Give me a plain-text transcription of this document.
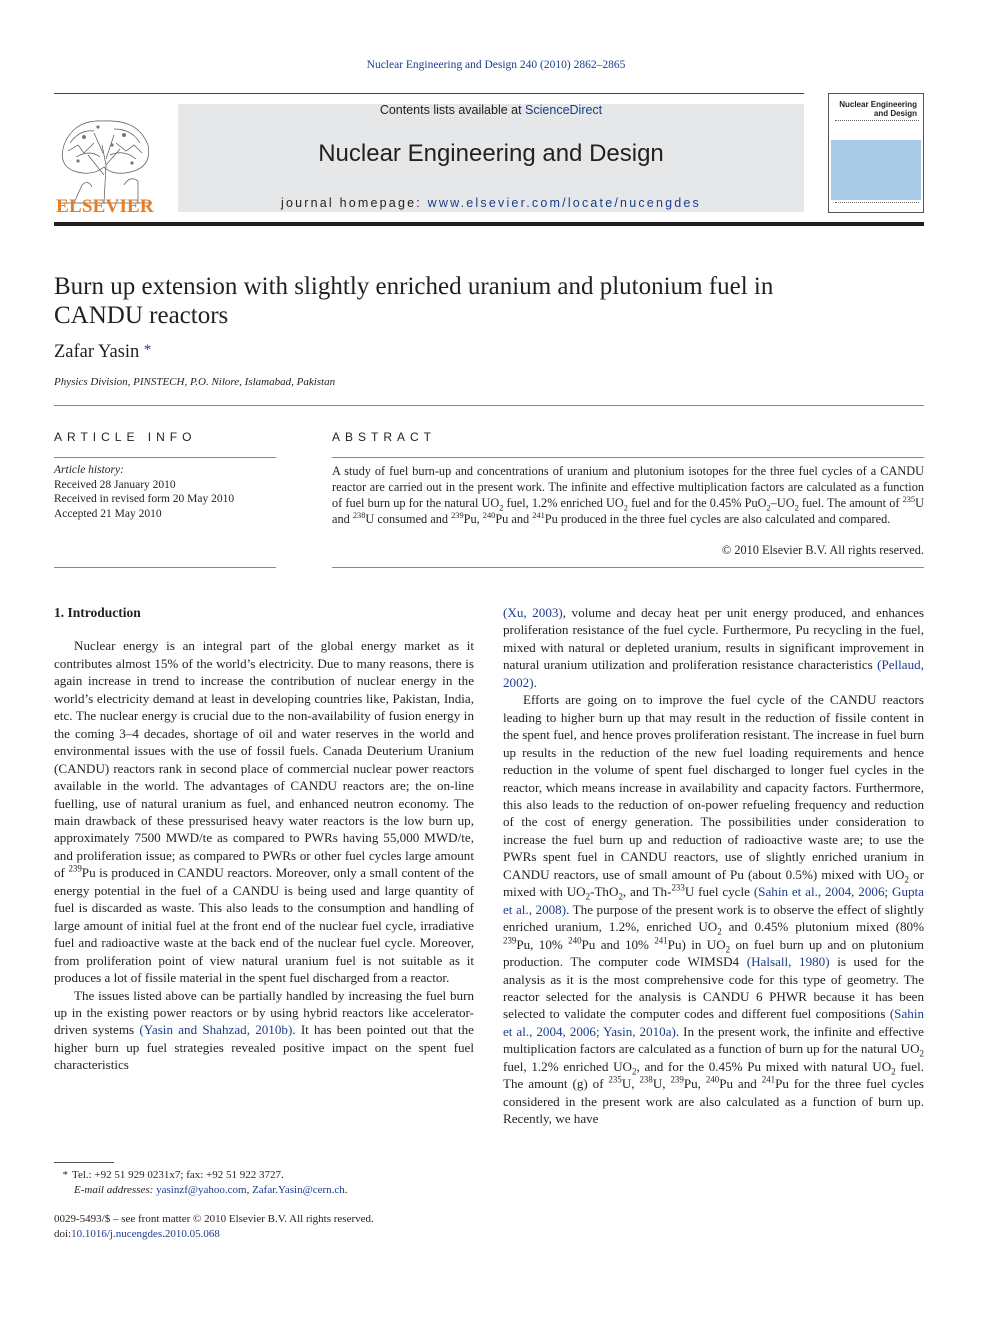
Nuclear Engineering and Design 240 (2010) 2862–2865
ELSEVIER
Contents lists available at ScienceDirect
Nuclear Engineering and Design
journal homepage: www.elsevier.com/locate/nucengdes
Nuclear Engineering
and Design
Burn up extension with slightly enriched uranium and plutonium fuel in CANDU reactors
Zafar Yasin *
Physics Division, PINSTECH, P.O. Nilore, Islamabad, Pakistan
ARTICLE INFO	ABSTRACT
Article history:
Received 28 January 2010
Received in revised form 20 May 2010
Accepted 21 May 2010
A study of fuel burn-up and concentrations of uranium and plutonium isotopes for the three fuel cycles of a CANDU reactor are carried out in the present work. The infinite and effective multiplication factors are calculated as a function of fuel burn up for the natural $UO_2$ fuel, 1.2% enriched $UO_2$ fuel and for the 0.45% $PuO_2-UO_2$ fuel. The amount of $^{235}$U and $^{238}$U consumed and $^{239}$Pu, $^{240}$Pu and $^{241}$Pu produced in the three fuel cycles are also calculated and compared.
© 2010 Elsevier B.V. All rights reserved.
1. Introduction

Nuclear energy is an integral part of the global energy market as it contributes almost 15% of the world’s electricity. Due to many reasons, there is again increase in trend to increase the contribution of nuclear energy in the world’s electricity demand at least in developing countries like, Pakistan, India, etc. The nuclear energy is crucial due to the non-availability of fusion energy in the coming 3–4 decades, shortage of oil and water reserves in the world and environmental issues with the use of fossil fuels. Canada Deuterium Uranium (CANDU) reactors rank in second place of commercial nuclear power reactors available in the world. The advantages of CANDU reactors are; the on-line fuelling, use of natural uranium as fuel, and enhanced neutron economy. The main drawback of these pressurised heavy water reactors is the low burn up, approximately 7500 MWD/te as compared to PWRs having 55,000 MWD/te, and proliferation issue; as compared to PWRs or other fuel cycles large amount of $^{239}$Pu is produced in CANDU reactors. Moreover, only a small content of the energy potential in the fuel of a CANDU is being used and large quantity of fuel is discarded as waste. This also leads to the consumption and handling of large amount of initial fuel at the front end of the nuclear fuel cycle, irradiative fuel and radioactive waste at the back end of the nuclear fuel cycle. Moreover, from proliferation point of view natural uranium fuel is not suitable as it produces a lot of fissile material in the spent fuel discharged from a reactor.

The issues listed above can be partially handled by increasing the fuel burn up in the existing power reactors or by using hybrid reactors like accelerator-driven systems (Yasin and Shahzad, 2010b). It has been pointed out that the higher burn up fuel strategies revealed positive impact on the spent fuel characteristics

(Xu, 2003), volume and decay heat per unit energy produced, and enhances proliferation resistance of the fuel cycle. Furthermore, Pu recycling in the fuel, mixed with natural or depleted uranium, results in significant improvement in natural uranium utilization and proliferation resistance characteristics (Pellaud, 2002).

Efforts are going on to improve the fuel cycle of the CANDU reactors leading to higher burn up that may result in the reduction of fissile content in the spent fuel, and hence proves proliferation resistant. The increase in fuel burn up results in the reduction of the new fuel loading requirements and hence reduction in the volume of spent fuel discharged to longer fuel cycles in the reactor, which means increase in availability and capacity factors. Furthermore, this also leads to the reduction of on-power refueling frequency and reduction of the cost of energy generation. The possibilities under consideration to increase the fuel burn up and reduction of radioactive waste are; to use the PWRs spent fuel in CANDU reactors, use of slightly enriched uranium in CANDU reactors, use of small amount of Pu (about 0.5%) mixed with $UO_2$ or mixed with $UO_2-ThO_2$, and Th-$^{233}$U fuel cycle (Sahin et al., 2004, 2006; Gupta et al., 2008). The purpose of the present work is to observe the effect of slightly enriched uranium, 1.2%, enriched $UO_2$ and 0.45% plutonium mixed (80% $^{239}$Pu, 10% $^{240}$Pu and 10% $^{241}$Pu) in $UO_2$ on fuel burn up and on plutonium production. The computer code WIMSD4 (Halsall, 1980) is used for the analysis as it is the most comprehensive code for this type of geometry. The reactor selected for the analysis is CANDU 6 PHWR because it has been selected to validate the computer codes and different fuel compositions (Sahin et al., 2004, 2006; Yasin, 2010a). In the present work, the infinite and effective multiplication factors are calculated as a function of burn up for the natural $UO_2$ fuel, 1.2% enriched $UO_2$, and for the 0.45% Pu mixed with natural $UO_2$ fuel. The amount (g) of $^{235}$U, $^{238}$U, $^{239}$Pu, $^{240}$Pu and $^{241}$Pu for the three fuel cycles considered in the present work are also calculated as a function of burn up. Recently, we have

* Tel.: +92 51 929 0231x7; fax: +92 51 922 3727.
E-mail addresses: yasinzf@yahoo.com, Zafar.Yasin@cern.ch.
0029-5493/$ – see front matter © 2010 Elsevier B.V. All rights reserved.
doi:10.1016/j.nucengdes.2010.05.068
